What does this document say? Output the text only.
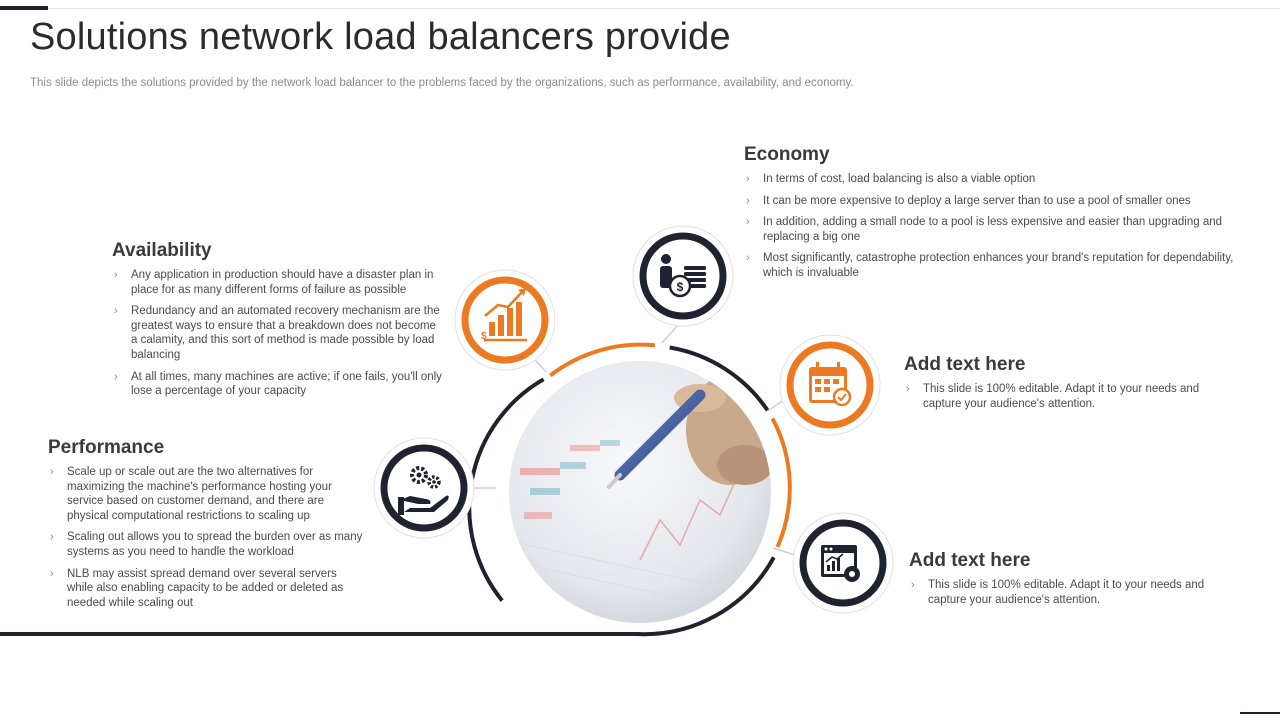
Solutions network load balancers provide

This slide depicts the solutions provided by the network load balancer to the problems faced by the organizations, such as performance, availability, and economy.

$
$
Availability
› Any application in production should have a disaster plan in place for as many different forms of failure as possible
› Redundancy and an automated recovery mechanism are the greatest ways to ensure that a breakdown does not become a calamity, and this sort of method is made possible by load balancing
› At all times, many machines are active; if one fails, you'll only lose a percentage of your capacity
Performance
› Scale up or scale out are the two alternatives for maximizing the machine's performance hosting your service based on customer demand, and there are physical computational restrictions to scaling up
› Scaling out allows you to spread the burden over as many systems as you need to handle the workload
› NLB may assist spread demand over several servers while also enabling capacity to be added or deleted as needed while scaling out
Economy
› In terms of cost, load balancing is also a viable option
› It can be more expensive to deploy a large server than to use a pool of smaller ones
› In addition, adding a small node to a pool is less expensive and easier than upgrading and replacing a big one
› Most significantly, catastrophe protection enhances your brand's reputation for dependability, which is invaluable
Add text here
› This slide is 100% editable. Adapt it to your needs and capture your audience's attention.
Add text here
› This slide is 100% editable. Adapt it to your needs and capture your audience's attention.
